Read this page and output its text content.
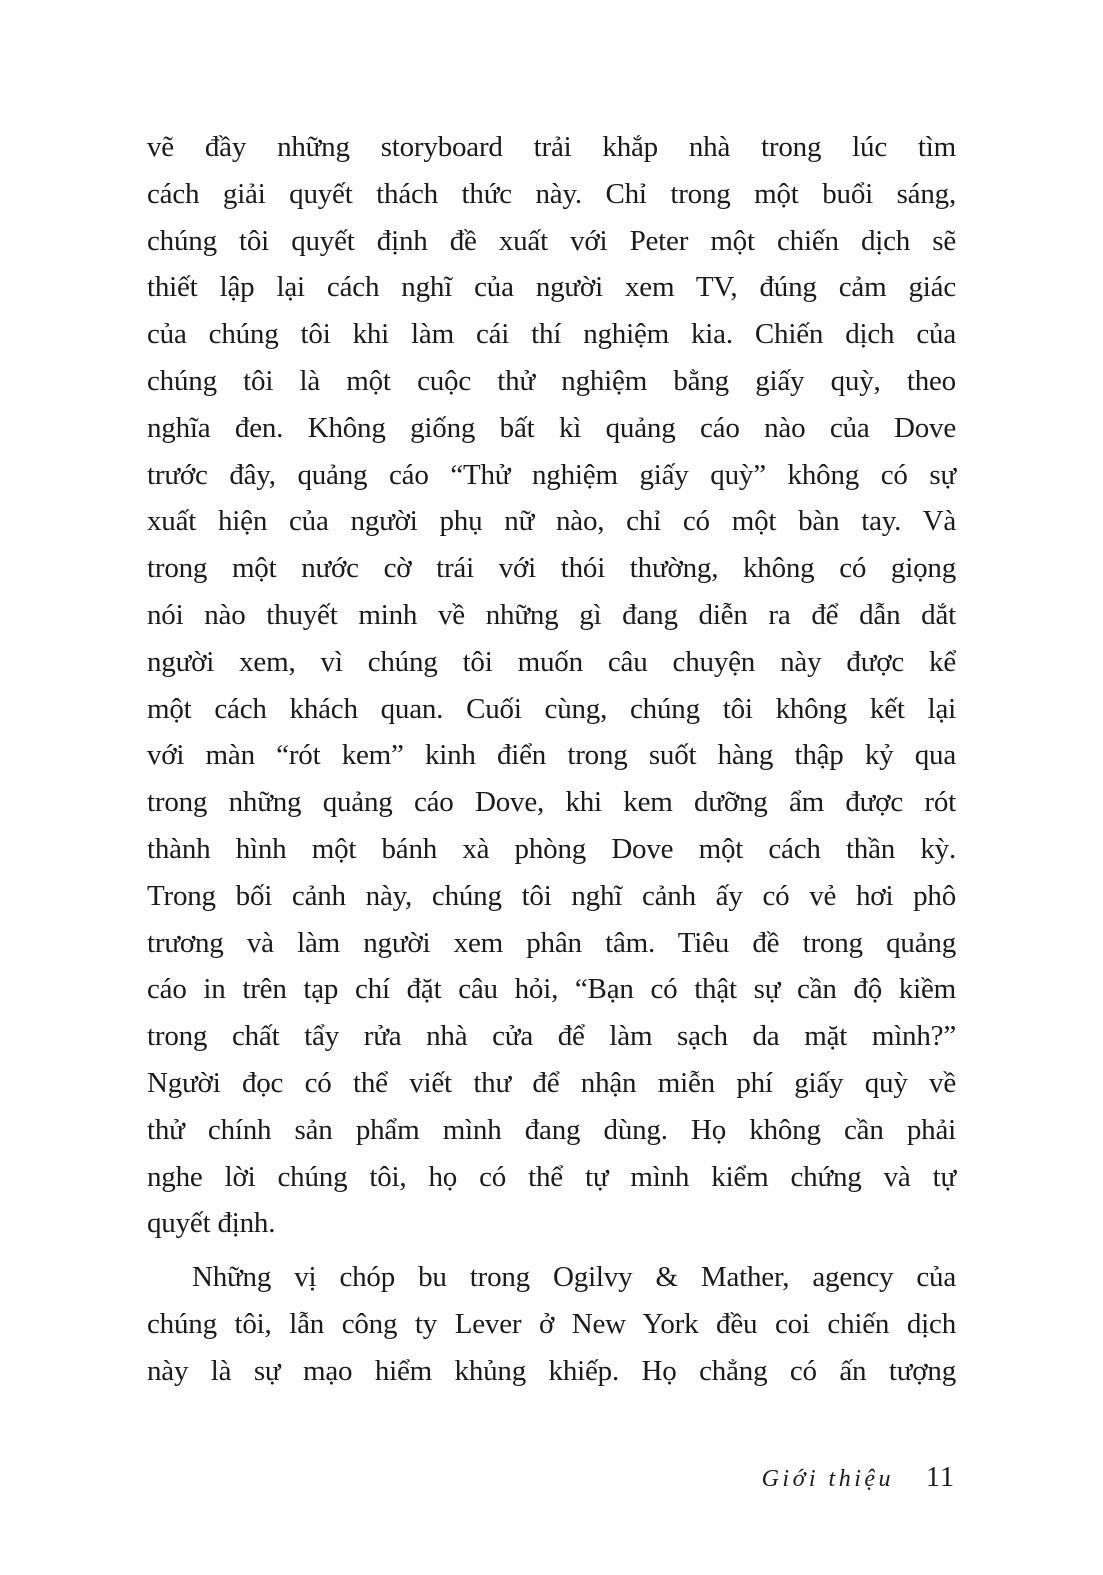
vẽ đầy những storyboard trải khắp nhà trong lúc tìm
cách giải quyết thách thức này. Chỉ trong một buổi sáng,
chúng tôi quyết định đề xuất với Peter một chiến dịch sẽ
thiết lập lại cách nghĩ của người xem TV, đúng cảm giác
của chúng tôi khi làm cái thí nghiệm kia. Chiến dịch của
chúng tôi là một cuộc thử nghiệm bằng giấy quỳ, theo
nghĩa đen. Không giống bất kì quảng cáo nào của Dove
trước đây, quảng cáo “Thử nghiệm giấy quỳ” không có sự
xuất hiện của người phụ nữ nào, chỉ có một bàn tay. Và
trong một nước cờ trái với thói thường, không có giọng
nói nào thuyết minh về những gì đang diễn ra để dẫn dắt
người xem, vì chúng tôi muốn câu chuyện này được kể
một cách khách quan. Cuối cùng, chúng tôi không kết lại
với màn “rót kem” kinh điển trong suốt hàng thập kỷ qua
trong những quảng cáo Dove, khi kem dưỡng ẩm được rót
thành hình một bánh xà phòng Dove một cách thần kỳ.
Trong bối cảnh này, chúng tôi nghĩ cảnh ấy có vẻ hơi phô
trương và làm người xem phân tâm. Tiêu đề trong quảng
cáo in trên tạp chí đặt câu hỏi, “Bạn có thật sự cần độ kiềm
trong chất tẩy rửa nhà cửa để làm sạch da mặt mình?”
Người đọc có thể viết thư để nhận miễn phí giấy quỳ về
thử chính sản phẩm mình đang dùng. Họ không cần phải
nghe lời chúng tôi, họ có thể tự mình kiểm chứng và tự
quyết định.
Những vị chóp bu trong Ogilvy & Mather, agency của
chúng tôi, lẫn công ty Lever ở New York đều coi chiến dịch
này là sự mạo hiểm khủng khiếp. Họ chẳng có ấn tượng
Giới thiệu 11
